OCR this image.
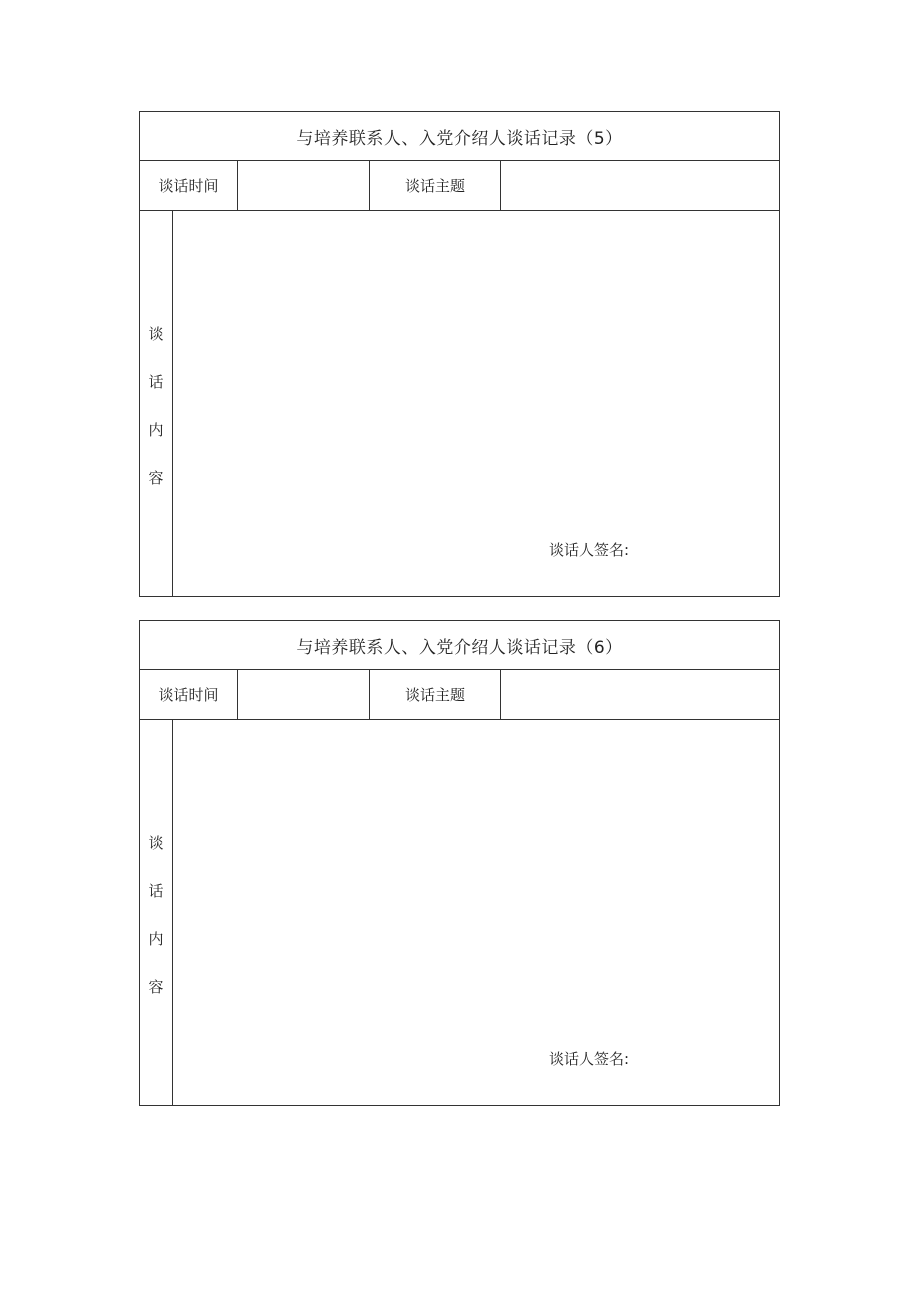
与培养联系人、入党介绍人谈话记录（5）
谈话时间	谈话主题
谈
话
内
容
谈话人签名:
与培养联系人、入党介绍人谈话记录（6）
谈话时间	谈话主题
谈
话
内
容
谈话人签名:
